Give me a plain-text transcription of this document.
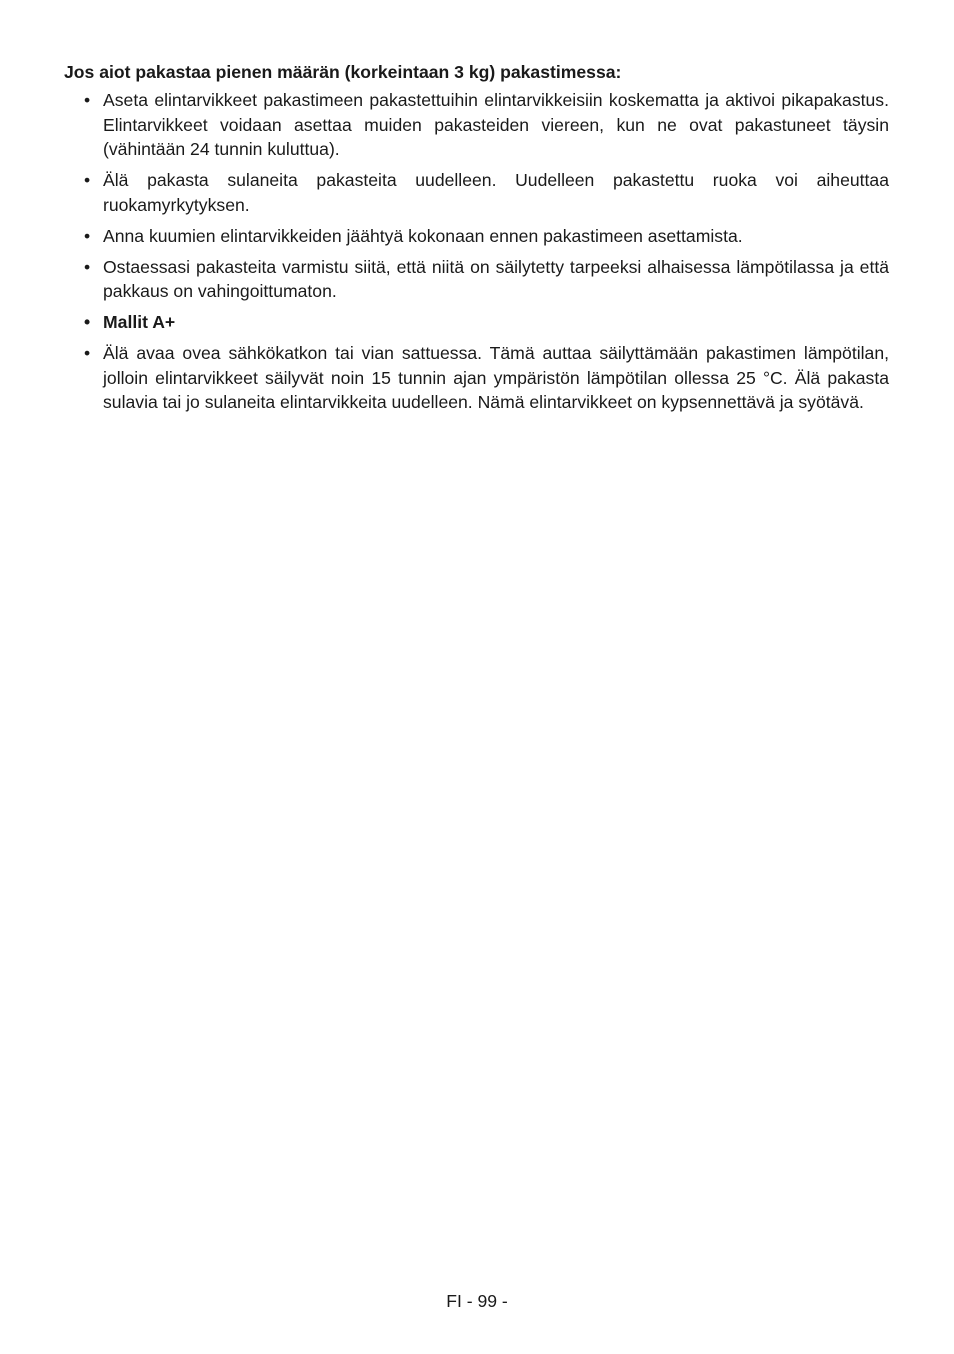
Jos aiot pakastaa pienen määrän (korkeintaan 3 kg) pakastimessa:
• Aseta elintarvikkeet pakastimeen pakastettuihin elintarvikkeisiin koskematta ja aktivoi pikapakastus. Elintarvikkeet voidaan asettaa muiden pakasteiden viereen, kun ne ovat pakastuneet täysin (vähintään 24 tunnin kuluttua).
• Älä pakasta sulaneita pakasteita uudelleen. Uudelleen pakastettu ruoka voi aiheuttaa ruokamyrkytyksen.
• Anna kuumien elintarvikkeiden jäähtyä kokonaan ennen pakastimeen asettamista.
• Ostaessasi pakasteita varmistu siitä, että niitä on säilytetty tarpeeksi alhaisessa lämpötilassa ja että pakkaus on vahingoittumaton.
• Mallit A+
• Älä avaa ovea sähkökatkon tai vian sattuessa. Tämä auttaa säilyttämään pakastimen lämpötilan, jolloin elintarvikkeet säilyvät noin 15 tunnin ajan ympäristön lämpötilan ollessa 25 °C. Älä pakasta sulavia tai jo sulaneita elintarvikkeita uudelleen. Nämä elintarvikkeet on kypsennettävä ja syötävä.
FI - 99 -
